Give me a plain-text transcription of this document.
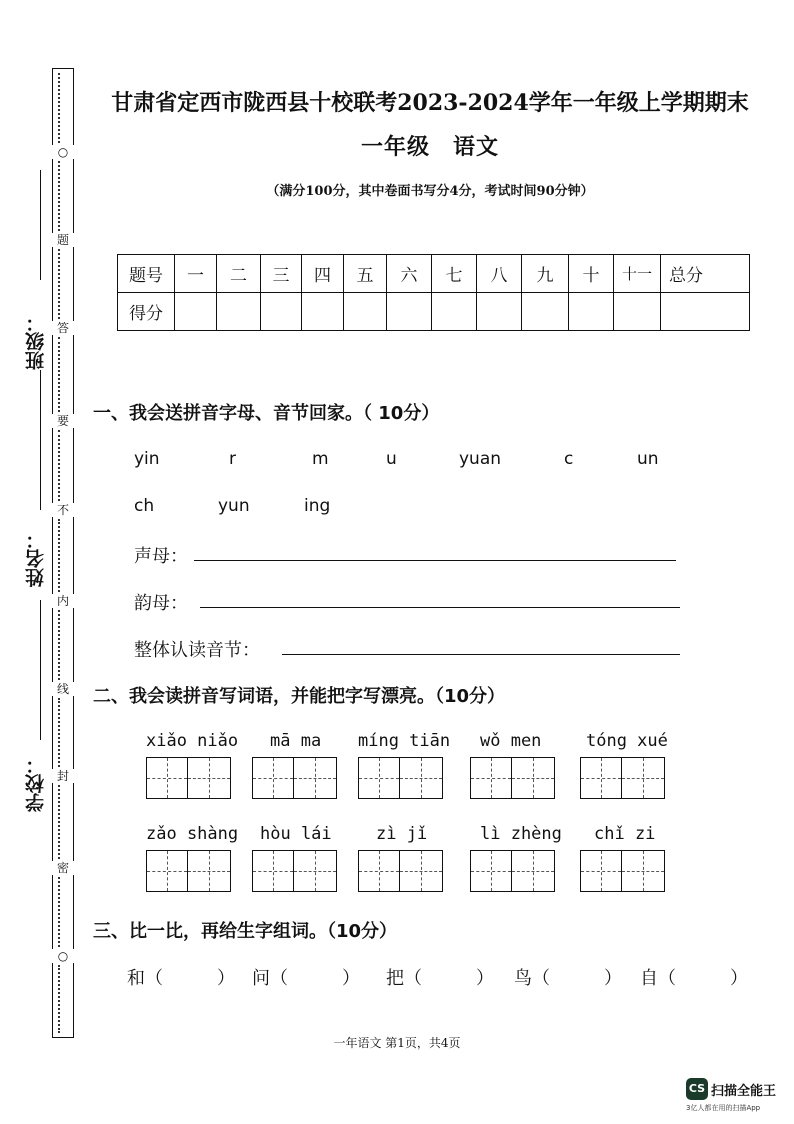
○
题
答
要
不
内
线
封
密
○
班级：
姓名：
学校：
甘肃省定西市陇西县十校联考2023-2024学年一年级上学期期末
一年级　语文
（满分100分，其中卷面书写分4分，考试时间90分钟）
题号	一	二	三	四	五	六	七	八	九	十	十一	总分
得分												
一、我会送拼音字母、音节回家。（ 10分）
yin	r	m	u	yuan	c	un
ch	yun	ing
声母：
韵母：
整体认读音节：
二、我会读拼音写词语，并能把字写漂亮。（10分）
xiǎo niǎo	mā ma	míng tiān	wǒ men	tóng xué
zǎo shàng	hòu lái	zì jǐ	lì zhèng	chǐ zi
三、比一比，再给生字组词。（10分）
和（　　　） 问（　　　） 把（　　　） 鸟（　　　） 自（　　　）
一年语文 第1页，共4页
CS 扫描全能王
3亿人都在用的扫描App
